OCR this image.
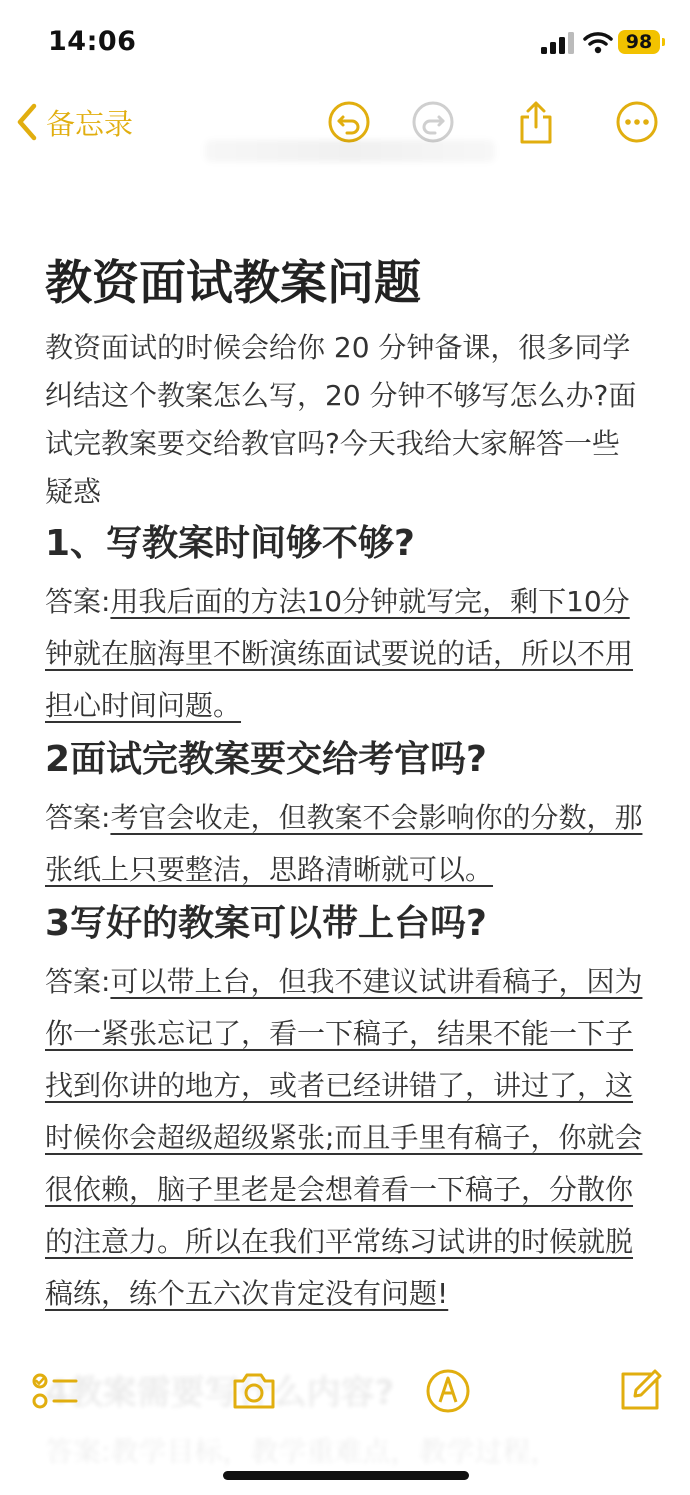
14:06	98
备忘录
教资面试教案问题

教资面试的时候会给你 20 分钟备课，很多同学纠结这个教案怎么写，20 分钟不够写怎么办?面试完教案要交给教官吗?今天我给大家解答一些疑惑

1、写教案时间够不够?

答案:用我后面的方法10分钟就写完，剩下10分钟就在脑海里不断演练面试要说的话，所以不用担心时间问题。

2面试完教案要交给考官吗?

答案:考官会收走，但教案不会影响你的分数，那张纸上只要整洁，思路清晰就可以。

3写好的教案可以带上台吗?

答案:可以带上台，但我不建议试讲看稿子，因为你一紧张忘记了，看一下稿子，结果不能一下子找到你讲的地方，或者已经讲错了，讲过了，这时候你会超级超级紧张;而且手里有稿子，你就会很依赖，脑子里老是会想着看一下稿子，分散你的注意力。所以在我们平常练习试讲的时候就脱稿练，练个五六次肯定没有问题!

4教案需要写什么内容?
答案:教学目标，教学重难点，教学过程，
